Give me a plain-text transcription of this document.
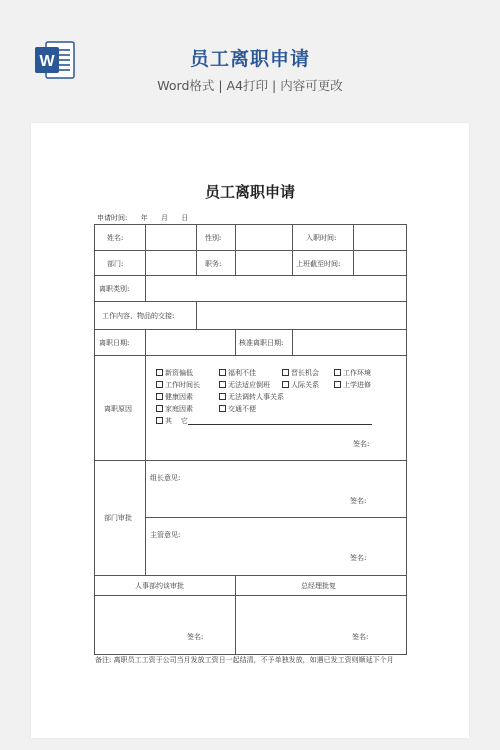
W	员工离职申请
Word格式 | A4打印 | 内容可更改
员工离职申请
申请时间:      年      月      日
姓名:	性别:	入职时间:
部门:	职务:	上班截至时间:
离职类别:
工作内容、物品的交接:
离职日期:	核准离职日期:
离职原因
新资偏低	福利不佳	晋长机会	工作环境
工作时间长	无法适应倒班	人际关系	上学进修
健康因素	无法调转人事关系
家庭因素	交通不便
其    它
签名:
部门审批
组长意见:
签名:
主管意见:
签名:
人事部约谈审批	总经理批复
签名:	签名:
备注: 离职员工工资于公司当月发放工资日一起结清，不予单独发放，如遇已发工资则顺延下个月
